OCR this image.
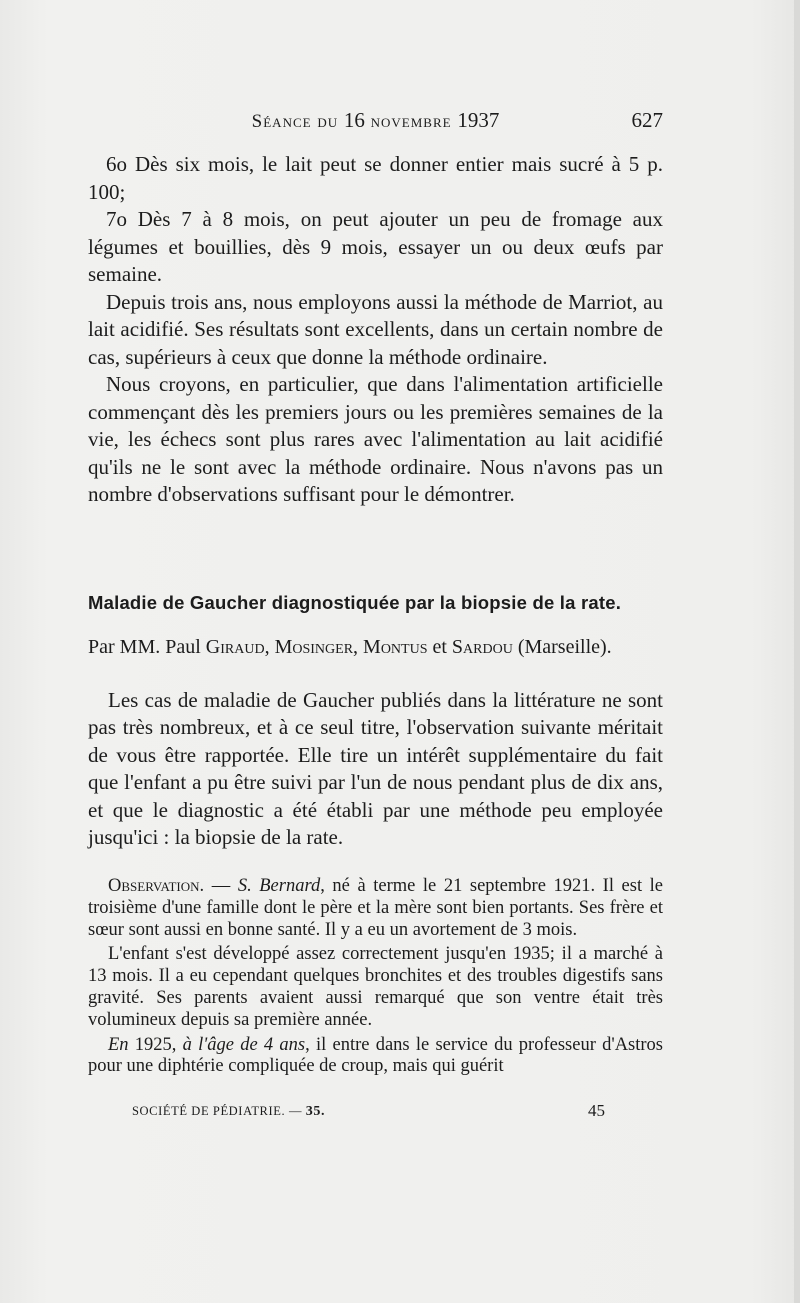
Séance du 16 novembre 1937	627

6o Dès six mois, le lait peut se donner entier mais sucré à 5 p. 100;

7o Dès 7 à 8 mois, on peut ajouter un peu de fromage aux légumes et bouillies, dès 9 mois, essayer un ou deux œufs par semaine.

Depuis trois ans, nous employons aussi la méthode de Marriot, au lait acidifié. Ses résultats sont excellents, dans un certain nombre de cas, supérieurs à ceux que donne la méthode ordinaire.

Nous croyons, en particulier, que dans l'alimentation artificielle commençant dès les premiers jours ou les premières semaines de la vie, les échecs sont plus rares avec l'alimentation au lait acidifié qu'ils ne le sont avec la méthode ordinaire. Nous n'avons pas un nombre d'observations suffisant pour le démontrer.

Maladie de Gaucher diagnostiquée par la biopsie de la rate.
Par MM. Paul Giraud, Mosinger, Montus et Sardou (Marseille).

Les cas de maladie de Gaucher publiés dans la littérature ne sont pas très nombreux, et à ce seul titre, l'observation suivante méritait de vous être rapportée. Elle tire un intérêt supplémentaire du fait que l'enfant a pu être suivi par l'un de nous pendant plus de dix ans, et que le diagnostic a été établi par une méthode peu employée jusqu'ici : la biopsie de la rate.

Observation. — S. Bernard, né à terme le 21 septembre 1921. Il est le troisième d'une famille dont le père et la mère sont bien portants. Ses frère et sœur sont aussi en bonne santé. Il y a eu un avortement de 3 mois.

L'enfant s'est développé assez correctement jusqu'en 1935; il a marché à 13 mois. Il a eu cependant quelques bronchites et des troubles digestifs sans gravité. Ses parents avaient aussi remarqué que son ventre était très volumineux depuis sa première année.

En 1925, à l'âge de 4 ans, il entre dans le service du professeur d'Astros pour une diphtérie compliquée de croup, mais qui guérit

SOCIÉTÉ DE PÉDIATRIE. — 35.	45
